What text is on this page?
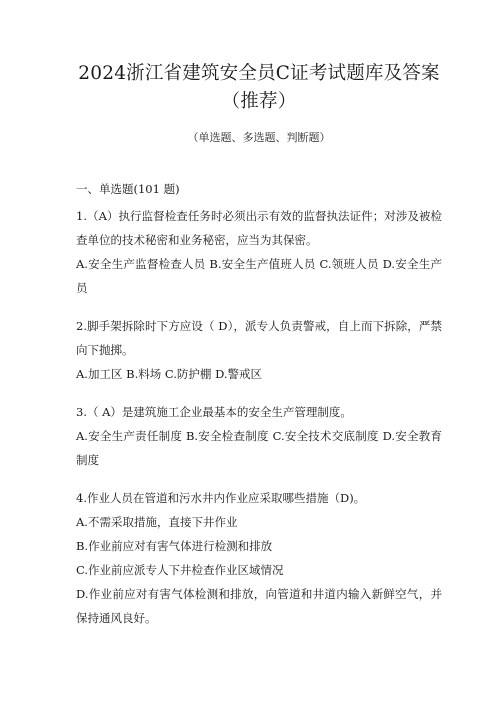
2024浙江省建筑安全员C证考试题库及答案
（推荐）
（单选题、多选题、判断题）
一、单选题(101 题)

1.（A）执行监督检查任务时必须出示有效的监督执法证件；对涉及被检查单位的技术秘密和业务秘密，应当为其保密。

A.安全生产监督检查人员 B.安全生产值班人员 C.领班人员 D.安全生产员

2.脚手架拆除时下方应设（ D），派专人负责警戒，自上而下拆除，严禁向下抛掷。

A.加工区 B.料场 C.防护棚 D.警戒区

3.（ A）是建筑施工企业最基本的安全生产管理制度。

A.安全生产责任制度 B.安全检查制度 C.安全技术交底制度 D.安全教育制度

4.作业人员在管道和污水井内作业应采取哪些措施（D)。

A.不需采取措施，直接下井作业

B.作业前应对有害气体进行检测和排放

C.作业前应派专人下井检查作业区域情况

D.作业前应对有害气体检测和排放，向管道和井道内输入新鲜空气，并保持通风良好。
